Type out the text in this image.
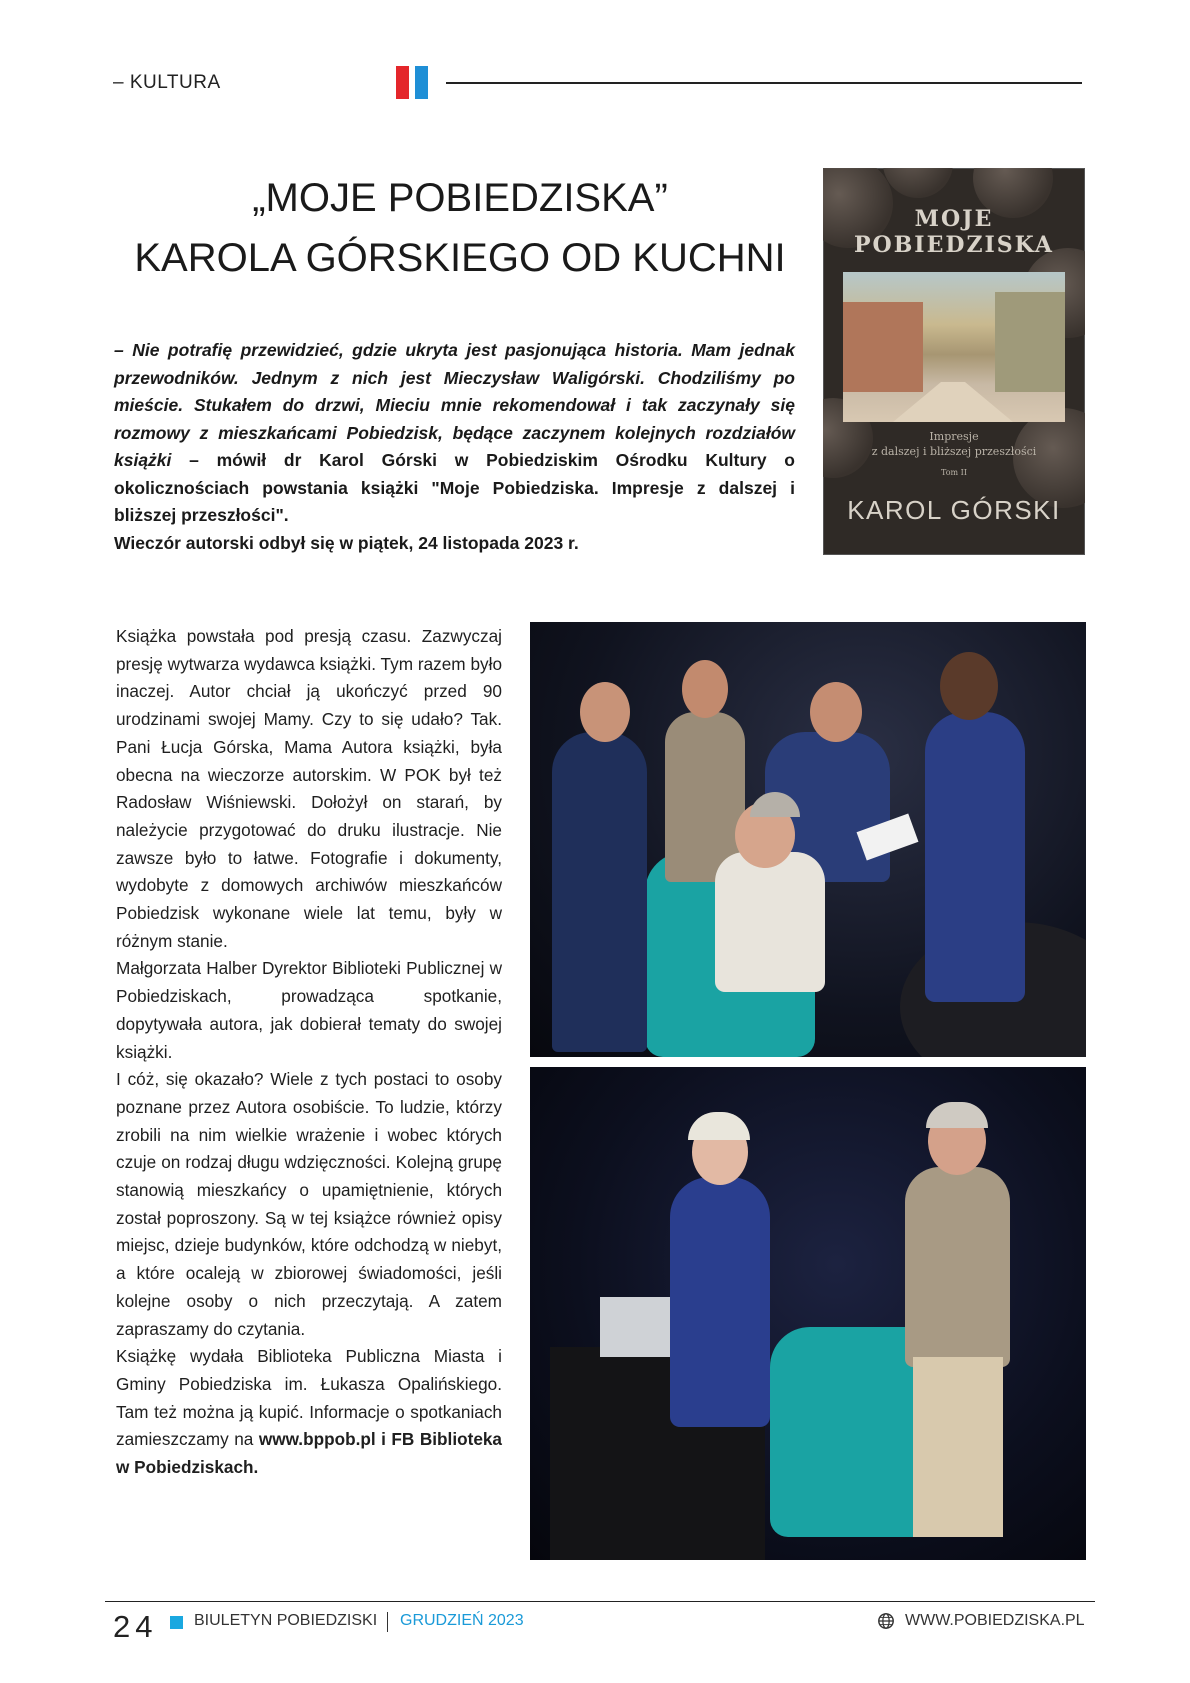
– KULTURA
„MOJE POBIEDZISKA”
KAROLA GÓRSKIEGO OD KUCHNI
– Nie potrafię przewidzieć, gdzie ukryta jest pasjonująca historia. Mam jednak przewodników. Jednym z nich jest Mieczysław Waligórski. Chodziliśmy po mieście. Stukałem do drzwi, Mieciu mnie rekomendował i tak zaczynały się rozmowy z mieszkańcami Pobiedzisk, będące zaczynem kolejnych rozdziałów książki – mówił dr Karol Górski w Pobiedziskim Ośrodku Kultury o okolicznościach powstania książki "Moje Pobiedziska. Impresje z dalszej i bliższej przeszłości".
Wieczór autorski odbył się w piątek, 24 listopada 2023 r.
MOJE
POBIEDZISKA
Impresje
z dalszej i bliższej przeszłości
Tom II
KAROL GÓRSKI

Książka powstała pod presją czasu. Zazwyczaj presję wytwarza wydawca książki. Tym razem było inaczej. Autor chciał ją ukończyć przed 90 urodzinami swojej Mamy. Czy to się udało? Tak. Pani Łucja Górska, Mama Autora książki, była obecna na wieczorze autorskim. W POK był też Radosław Wiśniewski. Dołożył on starań, by należycie przygotować do druku ilustracje. Nie zawsze było to łatwe. Fotografie i dokumenty, wydobyte z domowych archiwów mieszkańców Pobiedzisk wykonane wiele lat temu, były w różnym stanie.

Małgorzata Halber Dyrektor Biblioteki Publicznej w Pobiedziskach, prowadząca spotkanie, dopytywała autora, jak dobierał tematy do swojej książki.

I cóż, się okazało? Wiele z tych postaci to osoby poznane przez Autora osobiście. To ludzie, którzy zrobili na nim wielkie wrażenie i wobec których czuje on rodzaj długu wdzięczności. Kolejną grupę stanowią mieszkańcy o upamiętnienie, których został poproszony. Są w tej książce również opisy miejsc, dzieje budynków, które odchodzą w niebyt, a które ocaleją w zbiorowej świadomości, jeśli kolejne osoby o nich przeczytają. A zatem zapraszamy do czytania.

Książkę wydała Biblioteka Publiczna Miasta i Gminy Pobiedziska im. Łukasza Opalińskiego. Tam też można ją kupić. Informacje o spotkaniach zamieszczamy na www.bppob.pl i FB Biblioteka w Pobiedziskach.

24 BIULETYN POBIEDZISKI GRUDZIEŃ 2023	WWW.POBIEDZISKA.PL
